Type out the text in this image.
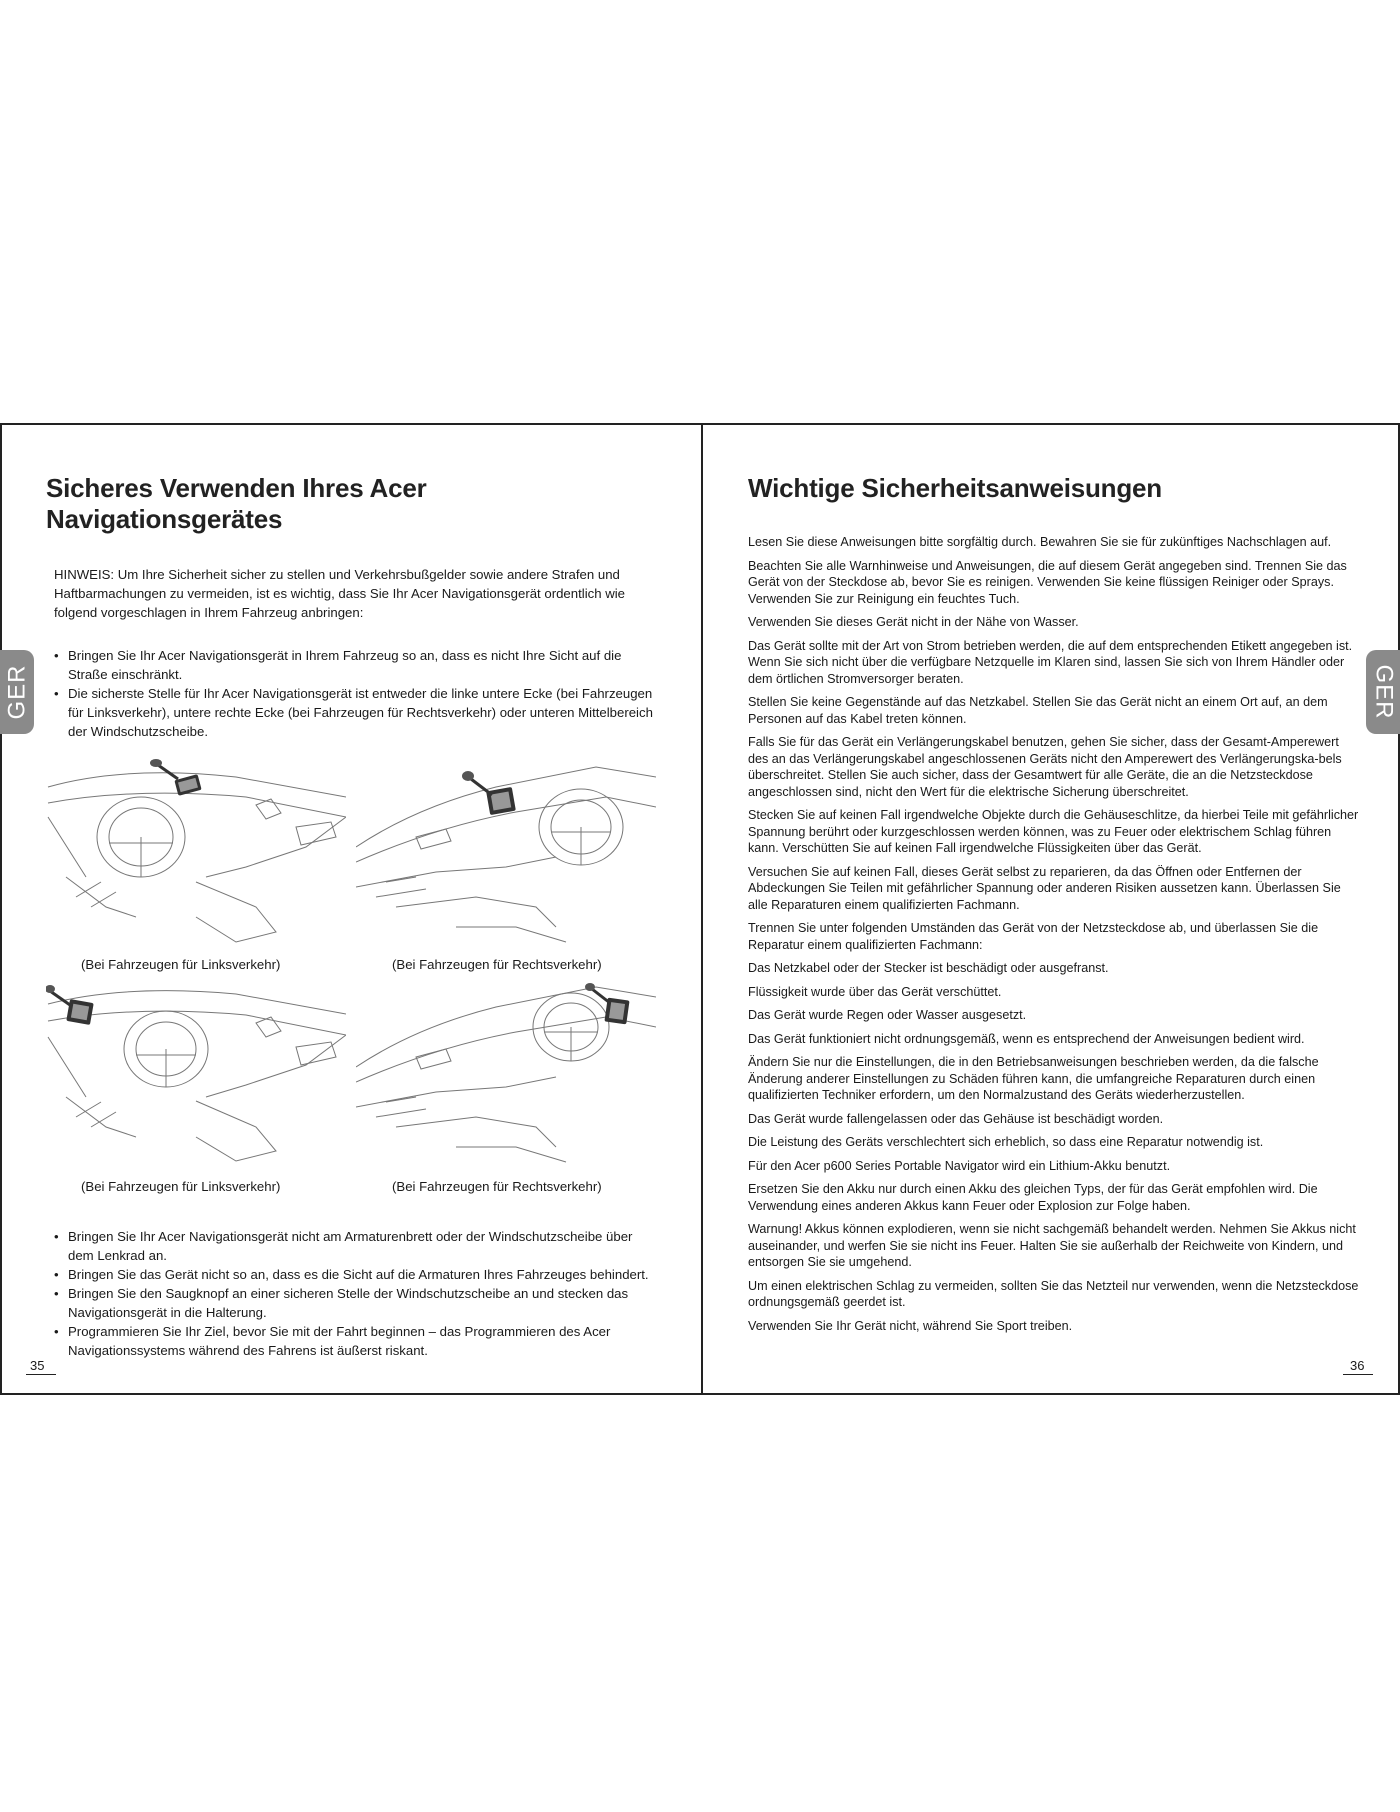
GER	GER
Sicheres Verwenden Ihres Acer Navigationsgerätes

HINWEIS: Um Ihre Sicherheit sicher zu stellen und Verkehrsbußgelder sowie andere Strafen und Haftbarmachungen zu vermeiden, ist es wichtig, dass Sie Ihr Acer Navigationsgerät ordentlich wie folgend vorgeschlagen in Ihrem Fahrzeug anbringen:

• Bringen Sie Ihr Acer Navigationsgerät in Ihrem Fahrzeug so an, dass es nicht Ihre Sicht auf die Straße einschränkt.
• Die sicherste Stelle für Ihr Acer Navigationsgerät ist entweder die linke untere Ecke (bei Fahrzeugen für Linksverkehr), untere rechte Ecke (bei Fahrzeugen für Rechtsverkehr) oder unteren Mittelbereich der Windschutzscheibe.
(Bei Fahrzeugen für Linksverkehr)	(Bei Fahrzeugen für Rechtsverkehr)
(Bei Fahrzeugen für Linksverkehr)	(Bei Fahrzeugen für Rechtsverkehr)
• Bringen Sie Ihr Acer Navigationsgerät nicht am Armaturenbrett oder der Windschutzscheibe über dem Lenkrad an.
• Bringen Sie das Gerät nicht so an, dass es die Sicht auf die Armaturen Ihres Fahrzeuges behindert.
• Bringen Sie den Saugknopf an einer sicheren Stelle der Windschutzscheibe an und stecken das Navigationsgerät in die Halterung.
• Programmieren Sie Ihr Ziel, bevor Sie mit der Fahrt beginnen – das Programmieren des Acer Navigationssystems während des Fahrens ist äußerst riskant.
35
Wichtige Sicherheitsanweisungen

Lesen Sie diese Anweisungen bitte sorgfältig durch. Bewahren Sie sie für zukünftiges Nachschlagen auf.

Beachten Sie alle Warnhinweise und Anweisungen, die auf diesem Gerät angegeben sind. Trennen Sie das Gerät von der Steckdose ab, bevor Sie es reinigen. Verwenden Sie keine flüssigen Reiniger oder Sprays. Verwenden Sie zur Reinigung ein feuchtes Tuch.

Verwenden Sie dieses Gerät nicht in der Nähe von Wasser.

Das Gerät sollte mit der Art von Strom betrieben werden, die auf dem entsprechenden Etikett angegeben ist. Wenn Sie sich nicht über die verfügbare Netzquelle im Klaren sind, lassen Sie sich von Ihrem Händler oder dem örtlichen Stromversorger beraten.

Stellen Sie keine Gegenstände auf das Netzkabel. Stellen Sie das Gerät nicht an einem Ort auf, an dem Personen auf das Kabel treten können.

Falls Sie für das Gerät ein Verlängerungskabel benutzen, gehen Sie sicher, dass der Gesamt-Amperewert des an das Verlängerungskabel angeschlossenen Geräts nicht den Amperewert des Verlängerungska-bels überschreitet. Stellen Sie auch sicher, dass der Gesamtwert für alle Geräte, die an die Netzsteckdose angeschlossen sind, nicht den Wert für die elektrische Sicherung überschreitet.

Stecken Sie auf keinen Fall irgendwelche Objekte durch die Gehäuseschlitze, da hierbei Teile mit gefährlicher Spannung berührt oder kurzgeschlossen werden können, was zu Feuer oder elektrischem Schlag führen kann. Verschütten Sie auf keinen Fall irgendwelche Flüssigkeiten über das Gerät.

Versuchen Sie auf keinen Fall, dieses Gerät selbst zu reparieren, da das Öffnen oder Entfernen der Abdeckungen Sie Teilen mit gefährlicher Spannung oder anderen Risiken aussetzen kann. Überlassen Sie alle Reparaturen einem qualifizierten Fachmann.

Trennen Sie unter folgenden Umständen das Gerät von der Netzsteckdose ab, und überlassen Sie die Reparatur einem qualifizierten Fachmann:

Das Netzkabel oder der Stecker ist beschädigt oder ausgefranst.

Flüssigkeit wurde über das Gerät verschüttet.

Das Gerät wurde Regen oder Wasser ausgesetzt.

Das Gerät funktioniert nicht ordnungsgemäß, wenn es entsprechend der Anweisungen bedient wird.

Ändern Sie nur die Einstellungen, die in den Betriebsanweisungen beschrieben werden, da die falsche Änderung anderer Einstellungen zu Schäden führen kann, die umfangreiche Reparaturen durch einen qualifizierten Techniker erfordern, um den Normalzustand des Geräts wiederherzustellen.

Das Gerät wurde fallengelassen oder das Gehäuse ist beschädigt worden.

Die Leistung des Geräts verschlechtert sich erheblich, so dass eine Reparatur notwendig ist.

Für den Acer p600 Series Portable Navigator wird ein Lithium-Akku benutzt.

Ersetzen Sie den Akku nur durch einen Akku des gleichen Typs, der für das Gerät empfohlen wird. Die Verwendung eines anderen Akkus kann Feuer oder Explosion zur Folge haben.

Warnung! Akkus können explodieren, wenn sie nicht sachgemäß behandelt werden. Nehmen Sie Akkus nicht auseinander, und werfen Sie sie nicht ins Feuer. Halten Sie sie außerhalb der Reichweite von Kindern, und entsorgen Sie sie umgehend.

Um einen elektrischen Schlag zu vermeiden, sollten Sie das Netzteil nur verwenden, wenn die Netzsteckdose ordnungsgemäß geerdet ist.

Verwenden Sie Ihr Gerät nicht, während Sie Sport treiben.

36
